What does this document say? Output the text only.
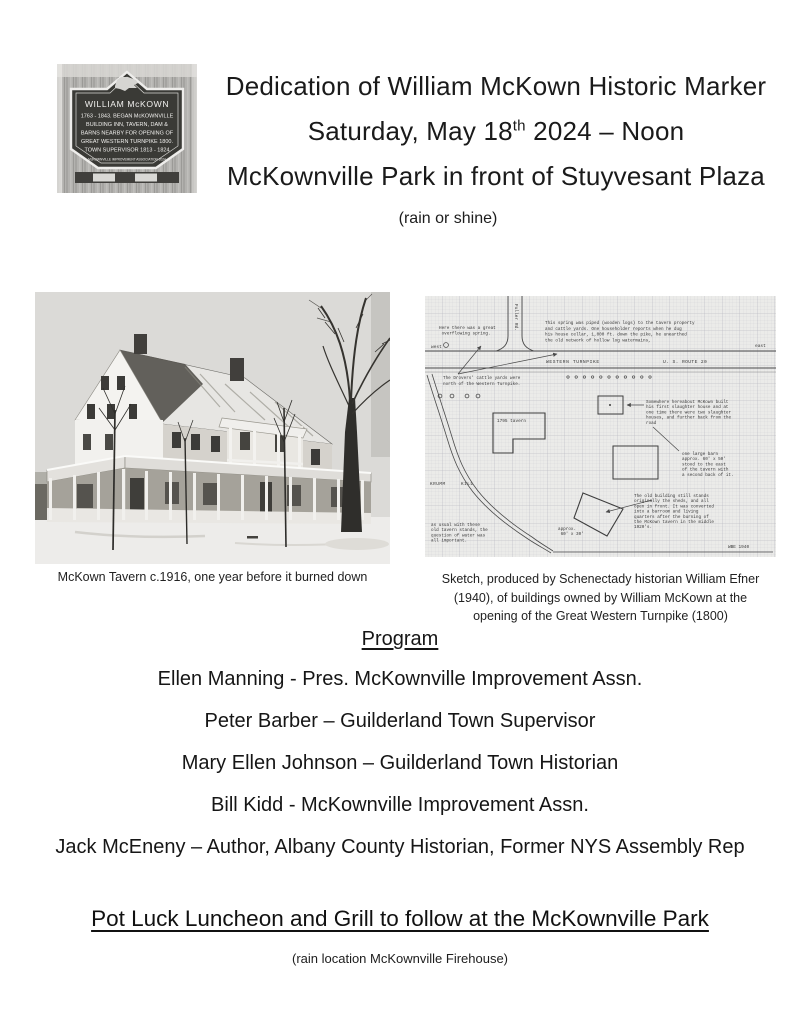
WILLIAM McKOWN
1763 - 1843. BEGAN McKOWNVILLE
BUILDING INN, TAVERN, DAM &
BARNS NEARBY FOR OPENING OF
GREAT WESTERN TURNPIKE 1800.
TOWN SUPERVISOR 1813 - 1824
McKOWNVILLE IMPROVEMENT ASSOCIATION 2024
Dedication of William McKown Historic Marker
Saturday, May 18th 2024 – Noon
McKownville Park in front of Stuyvesant Plaza
(rain or shine)
Fuller Rd.
west	east
WESTERN TURNPIKE	U. S. ROUTE 20
Here there was a great overflowing spring.
This spring was piped (wooden logs) to the tavern property and cattle yards. One householder reports when he dug his house cellar, 1,000 ft. down the pike, he unearthed the old network of hollow log watermains,
The Drovers' cattle yards were north of the Western Turnpike.
1795 tavern
Somewhere hereabout McKown built his first slaughter house and at one time there were two slaughter houses, and further back from the road
one large barn approx. 60' x 50' stood to the east of the tavern with a second back of it.
The old building still stands originally the sheds, and all open in front. It was converted into a barroom and living quarters after the burning of the McKown tavern in the middle 1920's.
as usual with these old tavern stands, the question of water was all important.
approx. 60' x 30'
KRUMM	KILL
WBE 1940
McKown Tavern c.1916, one year before it burned down	Sketch, produced by Schenectady historian William Efner
(1940), of buildings owned by William McKown at the
opening of the Great Western Turnpike (1800)
Program
Ellen Manning - Pres. McKownville Improvement Assn.
Peter Barber – Guilderland Town Supervisor
Mary Ellen Johnson – Guilderland Town Historian
Bill Kidd - McKownville Improvement Assn.
Jack McEneny – Author, Albany County Historian, Former NYS Assembly Rep
Pot Luck Luncheon and Grill to follow at the McKownville Park
(rain location McKownville Firehouse)
